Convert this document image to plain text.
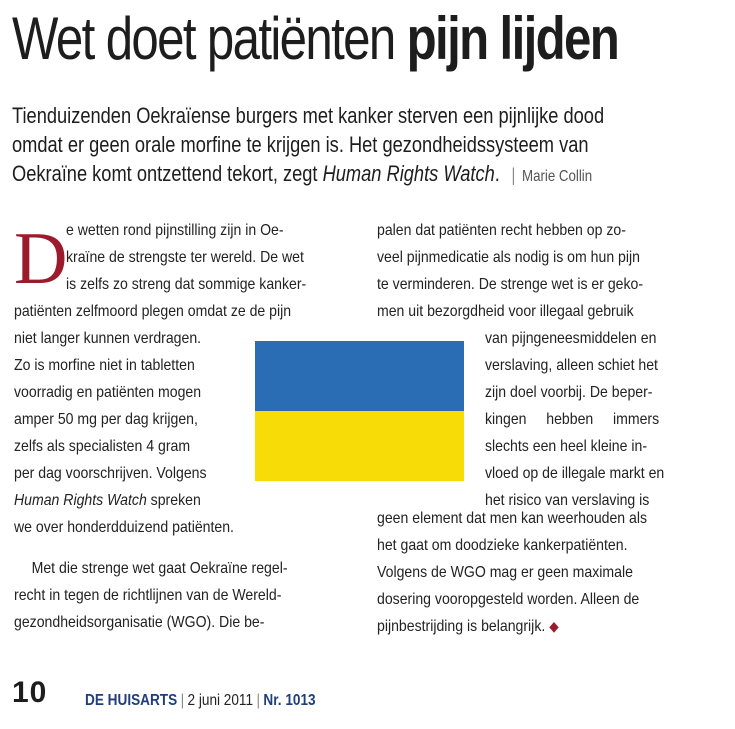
Wet doet patiënten pijn lijden
Tienduizenden Oekraïense burgers met kanker sterven een pijnlijke dood
omdat er geen orale morfine te krijgen is. Het gezondheidssysteem van
Oekraïne komt ontzettend tekort, zegt Human Rights Watch. | Marie Collin
D
e wetten rond pijnstilling zijn in Oe-
kraïne de strengste ter wereld. De wet
is zelfs zo streng dat sommige kanker-
patiënten zelfmoord plegen omdat ze de pijn
niet langer kunnen verdragen.
Zo is morfine niet in tabletten
voorradig en patiënten mogen
amper 50 mg per dag krijgen,
zelfs als specialisten 4 gram
per dag voorschrijven. Volgens
Human Rights Watch spreken
we over honderdduizend patiënten.
Met die strenge wet gaat Oekraïne regel-
recht in tegen de richtlijnen van de Wereld-
gezondheidsorganisatie (WGO). Die be-
palen dat patiënten recht hebben op zo-
veel pijnmedicatie als nodig is om hun pijn
te verminderen. De strenge wet is er geko-
men uit bezorgdheid voor illegaal gebruik
van pijngeneesmiddelen en
verslaving, alleen schiet het
zijn doel voorbij. De beper-
kingen hebben immers
slechts een heel kleine in-
vloed op de illegale markt en
het risico van verslaving is
geen element dat men kan weerhouden als
het gaat om doodzieke kankerpatiënten.
Volgens de WGO mag er geen maximale
dosering vooropgesteld worden. Alleen de
pijnbestrijding is belangrijk. ◆
10 DE HUISARTS | 2 juni 2011 | Nr. 1013
